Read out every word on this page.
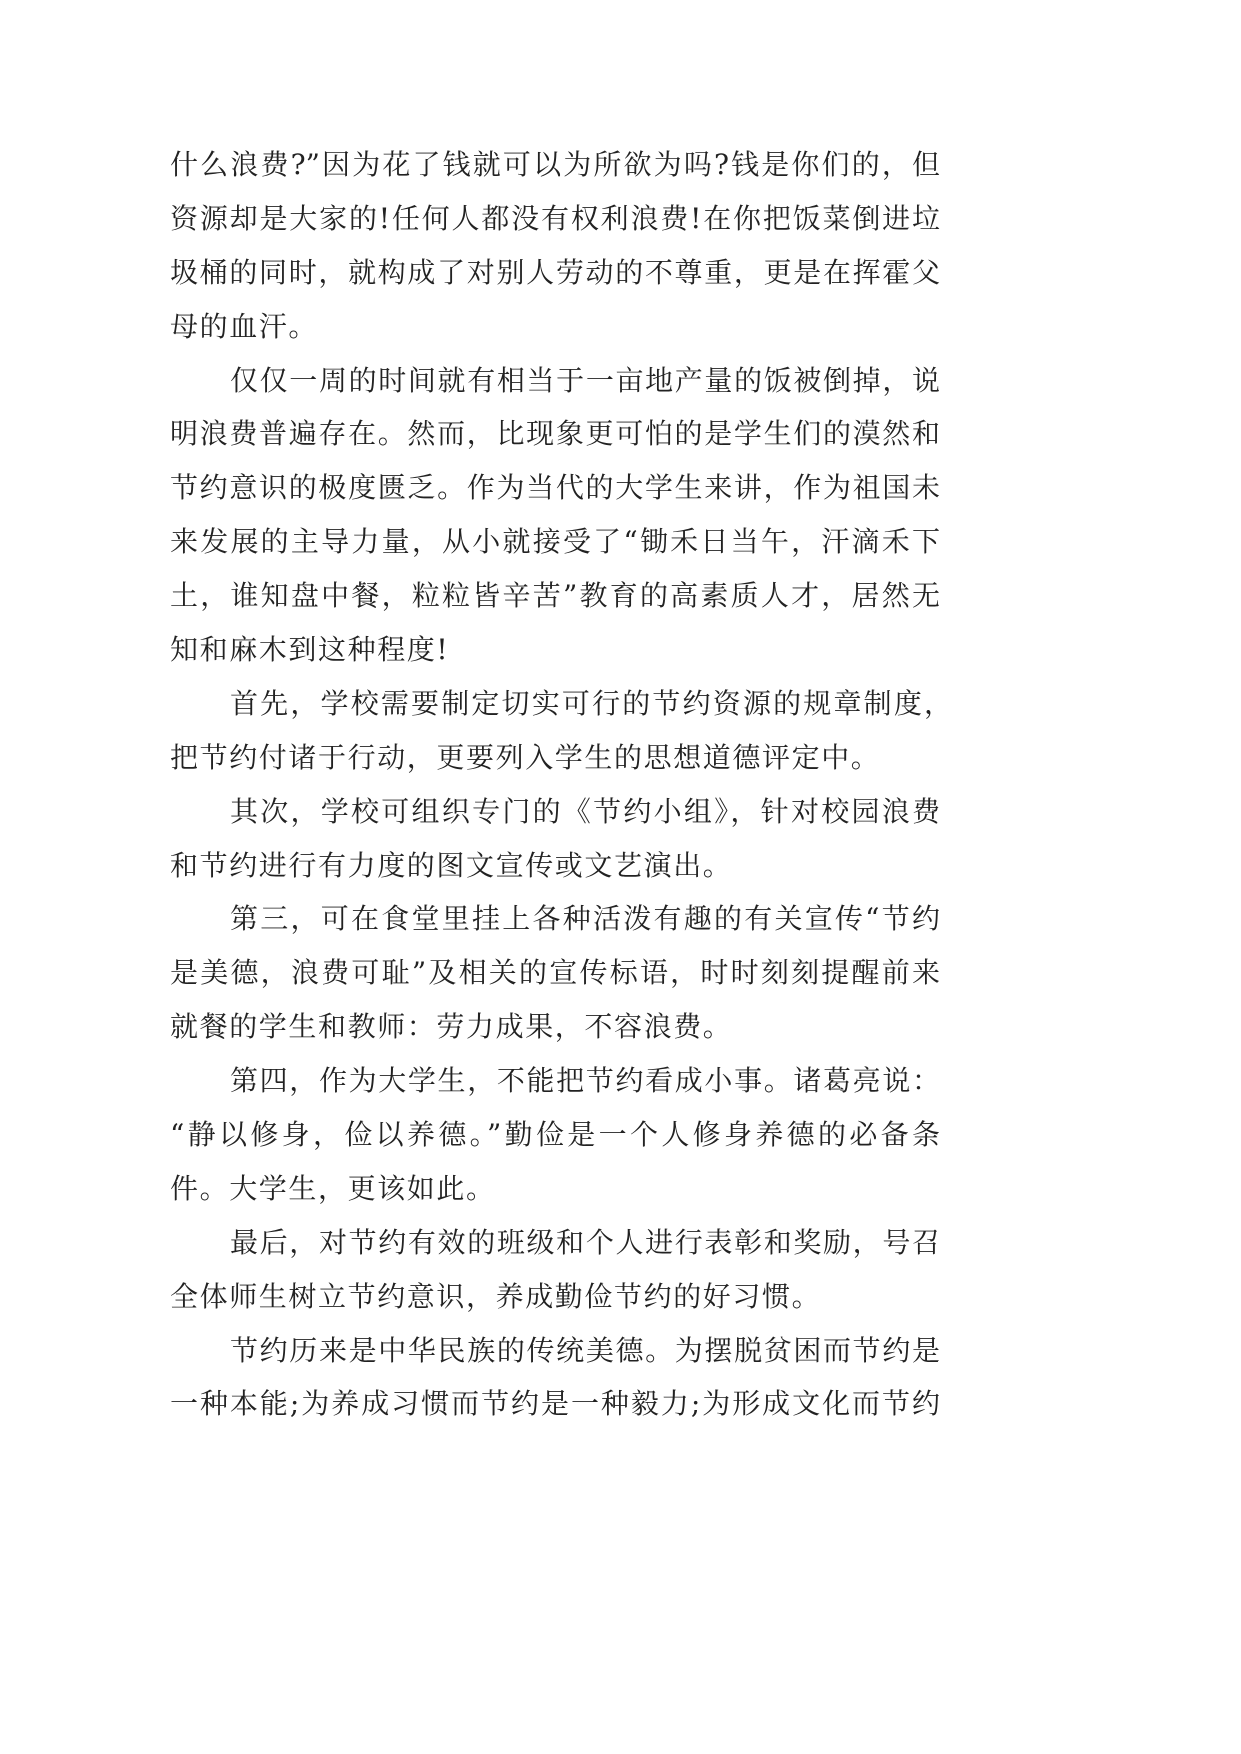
什么浪费?”因为花了钱就可以为所欲为吗?钱是你们的，但
资源却是大家的!任何人都没有权利浪费!在你把饭菜倒进垃
圾桶的同时，就构成了对别人劳动的不尊重，更是在挥霍父
母的血汗。
仅仅一周的时间就有相当于一亩地产量的饭被倒掉，说
明浪费普遍存在。然而，比现象更可怕的是学生们的漠然和
节约意识的极度匮乏。作为当代的大学生来讲，作为祖国未
来发展的主导力量，从小就接受了“锄禾日当午，汗滴禾下
土，谁知盘中餐，粒粒皆辛苦”教育的高素质人才，居然无
知和麻木到这种程度!
首先，学校需要制定切实可行的节约资源的规章制度，
把节约付诸于行动，更要列入学生的思想道德评定中。
其次，学校可组织专门的《节约小组》，针对校园浪费
和节约进行有力度的图文宣传或文艺演出。
第三，可在食堂里挂上各种活泼有趣的有关宣传“节约
是美德，浪费可耻”及相关的宣传标语，时时刻刻提醒前来
就餐的学生和教师：劳力成果，不容浪费。
第四，作为大学生，不能把节约看成小事。诸葛亮说：
“静以修身，俭以养德。”勤俭是一个人修身养德的必备条
件。大学生，更该如此。
最后，对节约有效的班级和个人进行表彰和奖励，号召
全体师生树立节约意识，养成勤俭节约的好习惯。
节约历来是中华民族的传统美德。为摆脱贫困而节约是
一种本能;为养成习惯而节约是一种毅力;为形成文化而节约
